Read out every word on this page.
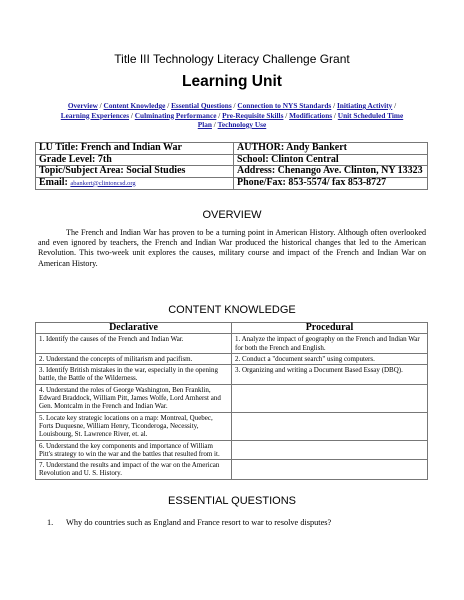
Title III Technology Literacy Challenge Grant
Learning Unit
Overview / Content Knowledge / Essential Questions / Connection to NYS Standards / Initiating Activity / Learning Experiences / Culminating Performance / Pre-Requisite Skills / Modifications / Unit Scheduled Time Plan / Technology Use
LU Title: French and Indian War	AUTHOR: Andy Bankert
Grade Level: 7th	School: Clinton Central
Topic/Subject Area: Social Studies	Address: Chenango Ave. Clinton, NY 13323
Email: abankert@clintoncsd.org	Phone/Fax: 853-5574/ fax 853-8727
OVERVIEW
The French and Indian War has proven to be a turning point in American History. Although often overlooked and even ignored by teachers, the French and Indian War produced the historical changes that led to the American Revolution. This two-week unit explores the causes, military course and impact of the French and Indian War on American History.
CONTENT KNOWLEDGE
Declarative	Procedural
1. Identify the causes of the French and Indian War.	1. Analyze the impact of geography on the French and Indian War for both the French and English.
2. Understand the concepts of militarism and pacifism.	2. Conduct a "document search" using computers.
3. Identify British mistakes in the war, especially in the opening battle, the Battle of the Wilderness.	3. Organizing and writing a Document Based Essay (DBQ).
4. Understand the roles of George Washington, Ben Franklin, Edward Braddock, William Pitt, James Wolfe, Lord Amherst and Gen. Montcalm in the French and Indian War.	
5. Locate key strategic locations on a map: Montreal, Quebec, Forts Duquesne, William Henry, Ticonderoga, Necessity, Louisbourg, St. Lawrence River, et. al.	
6. Understand the key components and importance of William Pitt's strategy to win the war and the battles that resulted from it.	
7. Understand the results and impact of the war on the American Revolution and U. S. History.	
ESSENTIAL QUESTIONS
1. Why do countries such as England and France resort to war to resolve disputes?
